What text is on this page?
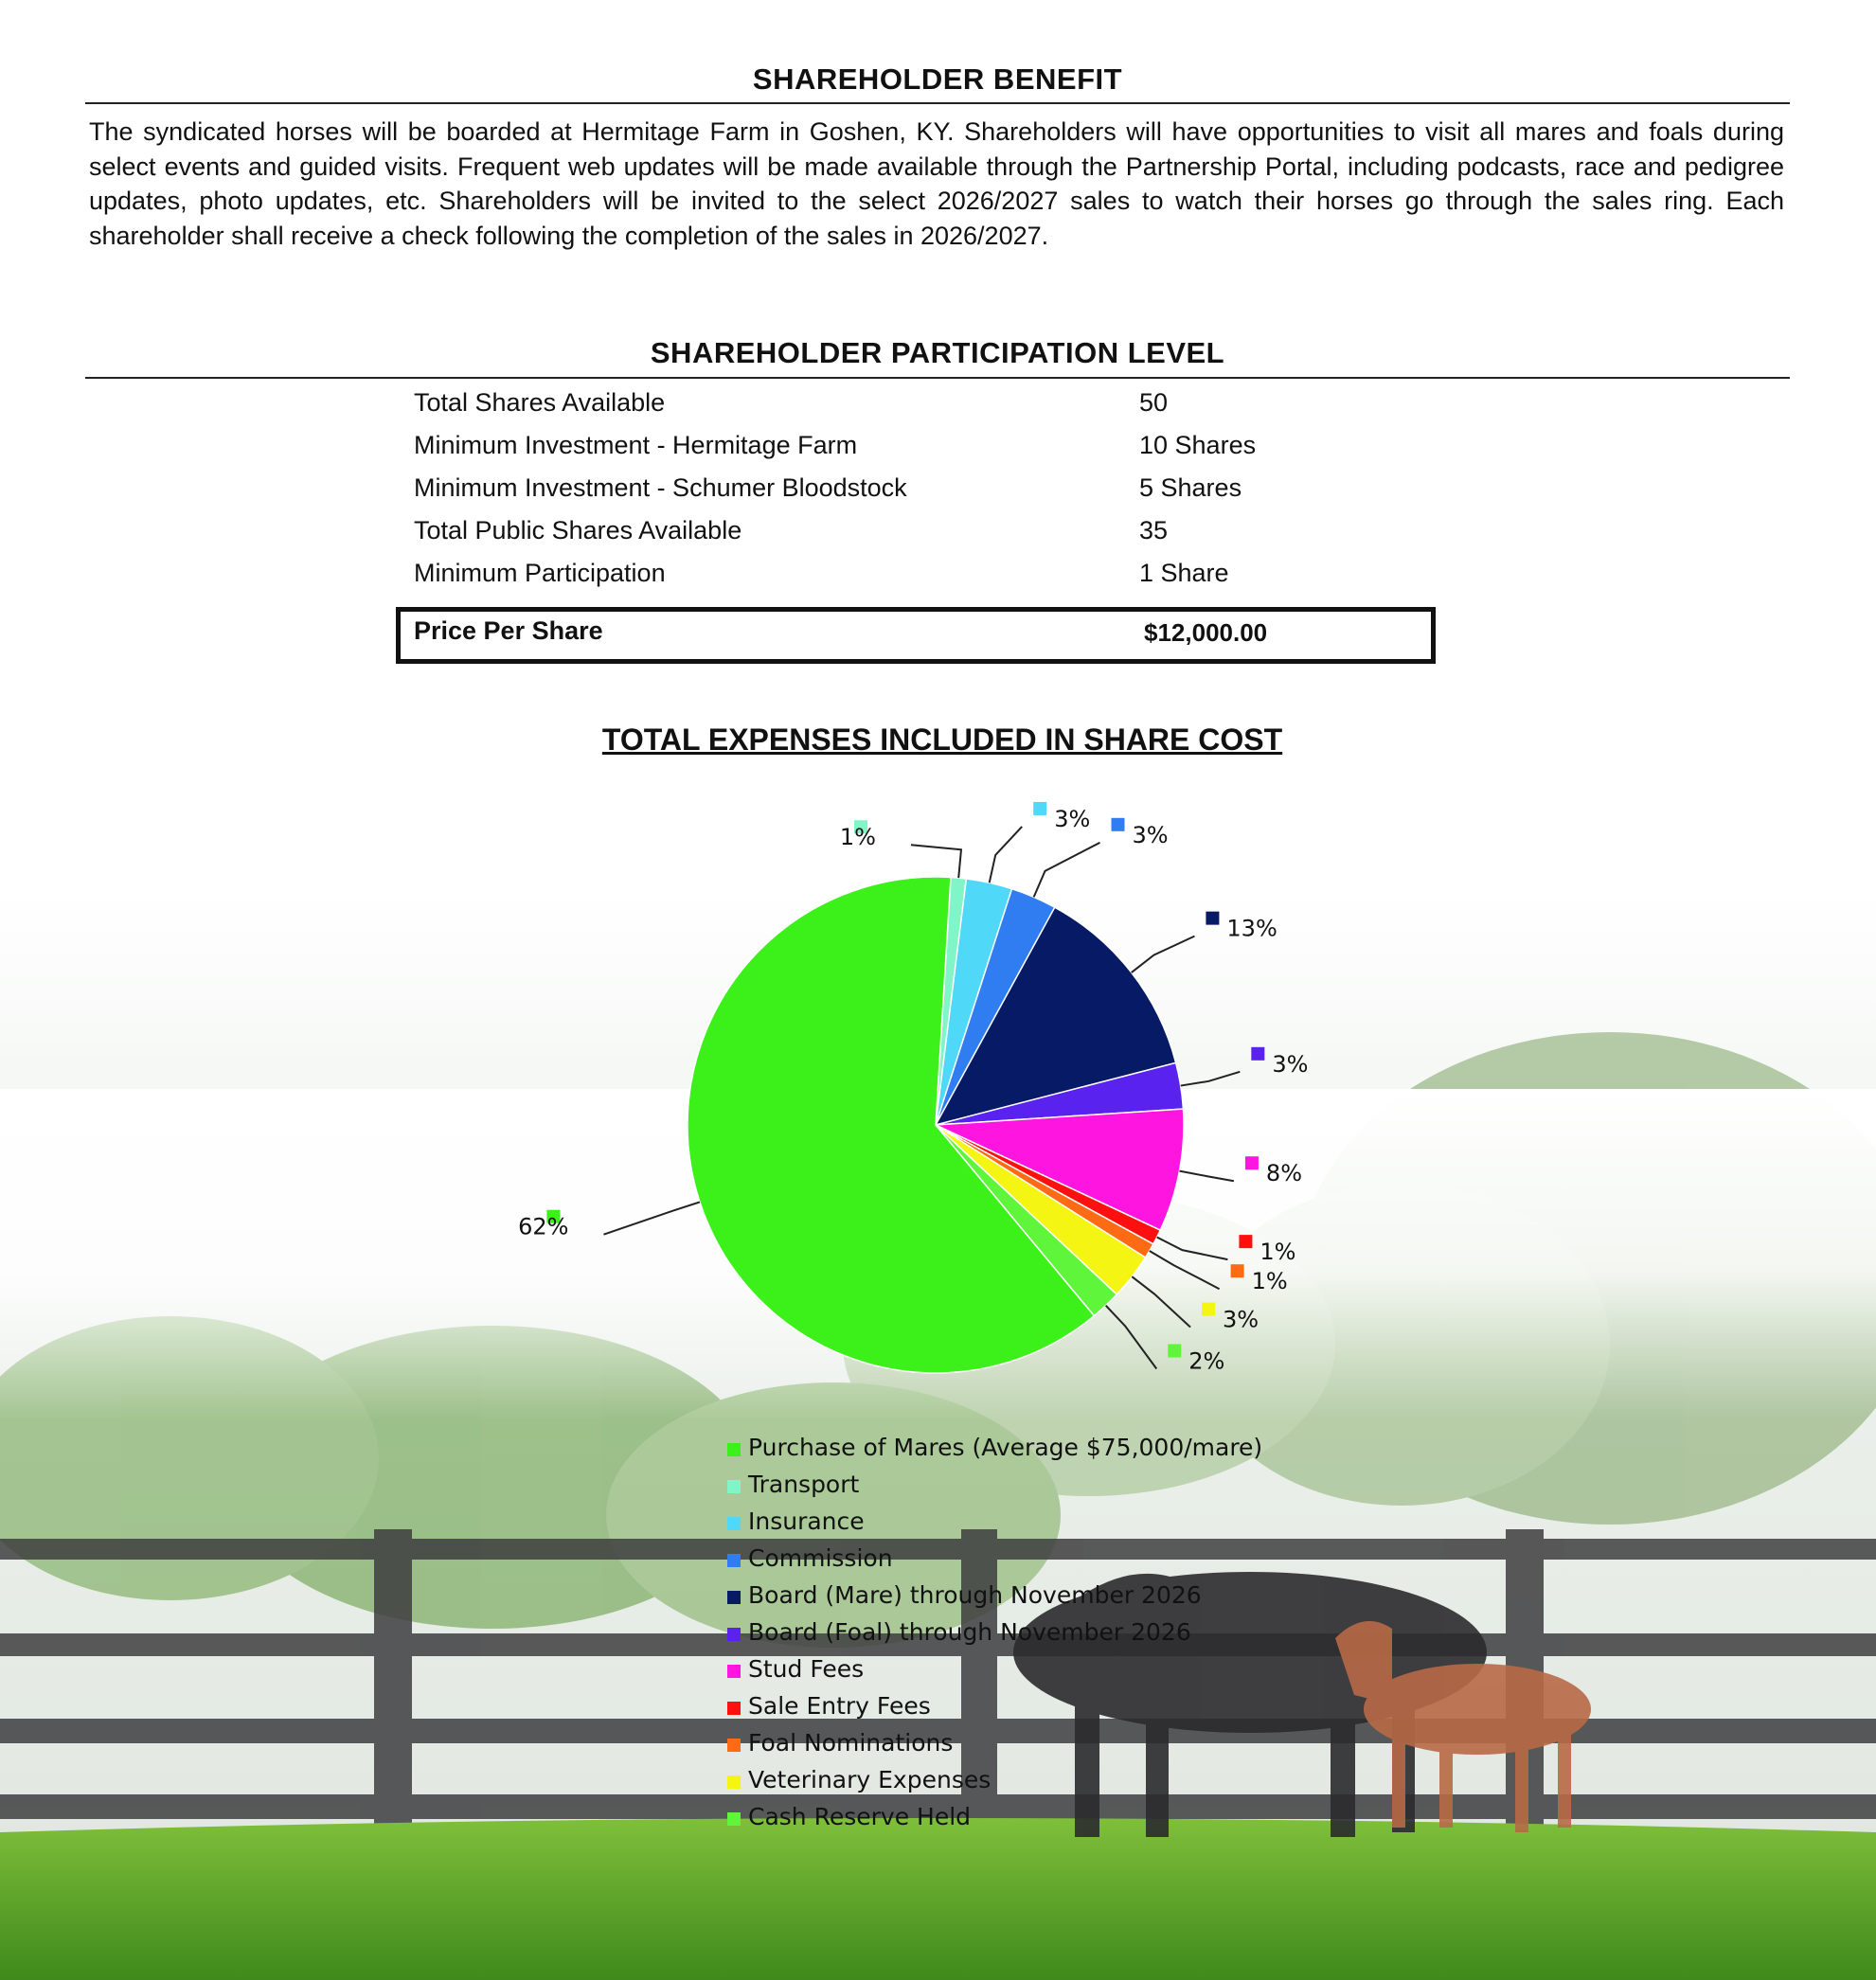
SHAREHOLDER BENEFIT

The syndicated horses will be boarded at Hermitage Farm in Goshen, KY. Shareholders will have opportunities to visit all mares and foals during select events and guided visits. Frequent web updates will be made available through the Partnership Portal, including podcasts, race and pedigree updates, photo updates, etc. Shareholders will be invited to the select 2026/2027 sales to watch their horses go through the sales ring. Each shareholder shall receive a check following the completion of the sales in 2026/2027.

SHAREHOLDER PARTICIPATION LEVEL
Total Shares Available	50
Minimum Investment - Hermitage Farm	10 Shares
Minimum Investment - Schumer Bloodstock	5 Shares
Total Public Shares Available	35
Minimum Participation	1 Share
Price Per Share	$12,000.00
TOTAL EXPENSES INCLUDED IN SHARE COST
1%
3%
3%
13%
3%
8%
1%
1%
3%
2%
62%
Purchase of Mares (Average $75,000/mare)
Transport
Insurance
Commission
Board (Mare) through November 2026
Board (Foal) through November 2026
Stud Fees
Sale Entry Fees
Foal Nominations
Veterinary Expenses
Cash Reserve Held
